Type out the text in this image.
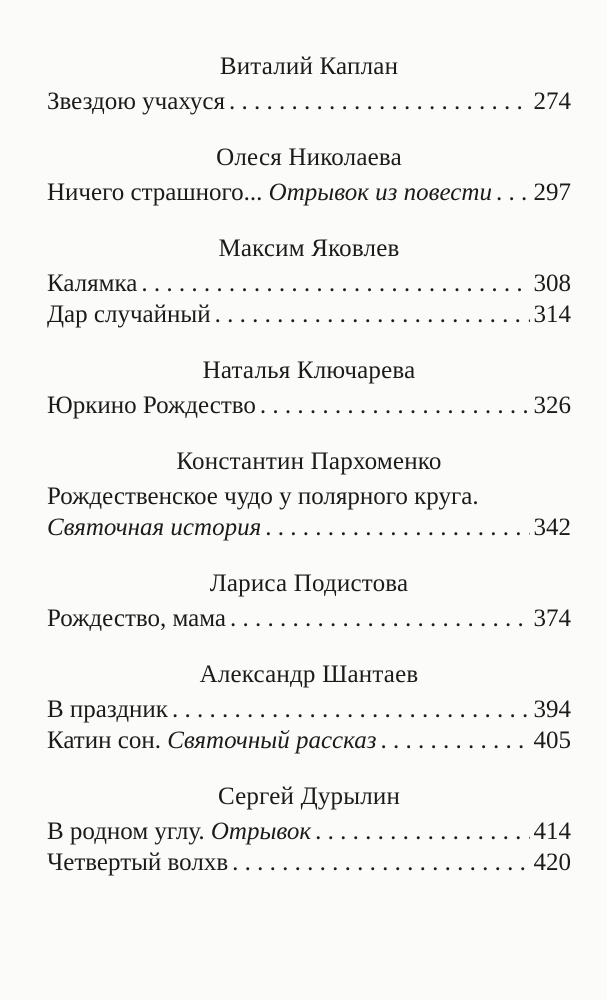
Виталий Каплан
Звездою учахуся . . .	274
Олеся Николаева
Ничего страшного... Отрывок из повести . . . 297
Максим Яковлев
Калямка . . .	308
Дар случайный . . .	314
Наталья Ключарева
Юркино Рождество . . .	326
Константин Пархоменко
Рождественское чудо у полярного круга.
Святочная история . . .	342
Лариса Подистова
Рождество, мама . . .	374
Александр Шантаев
В праздник . . .	394
Катин сон. Святочный рассказ . . .	405
Сергей Дурылин
В родном углу. Отрывок . . .	414
Четвертый волхв . . .	420
